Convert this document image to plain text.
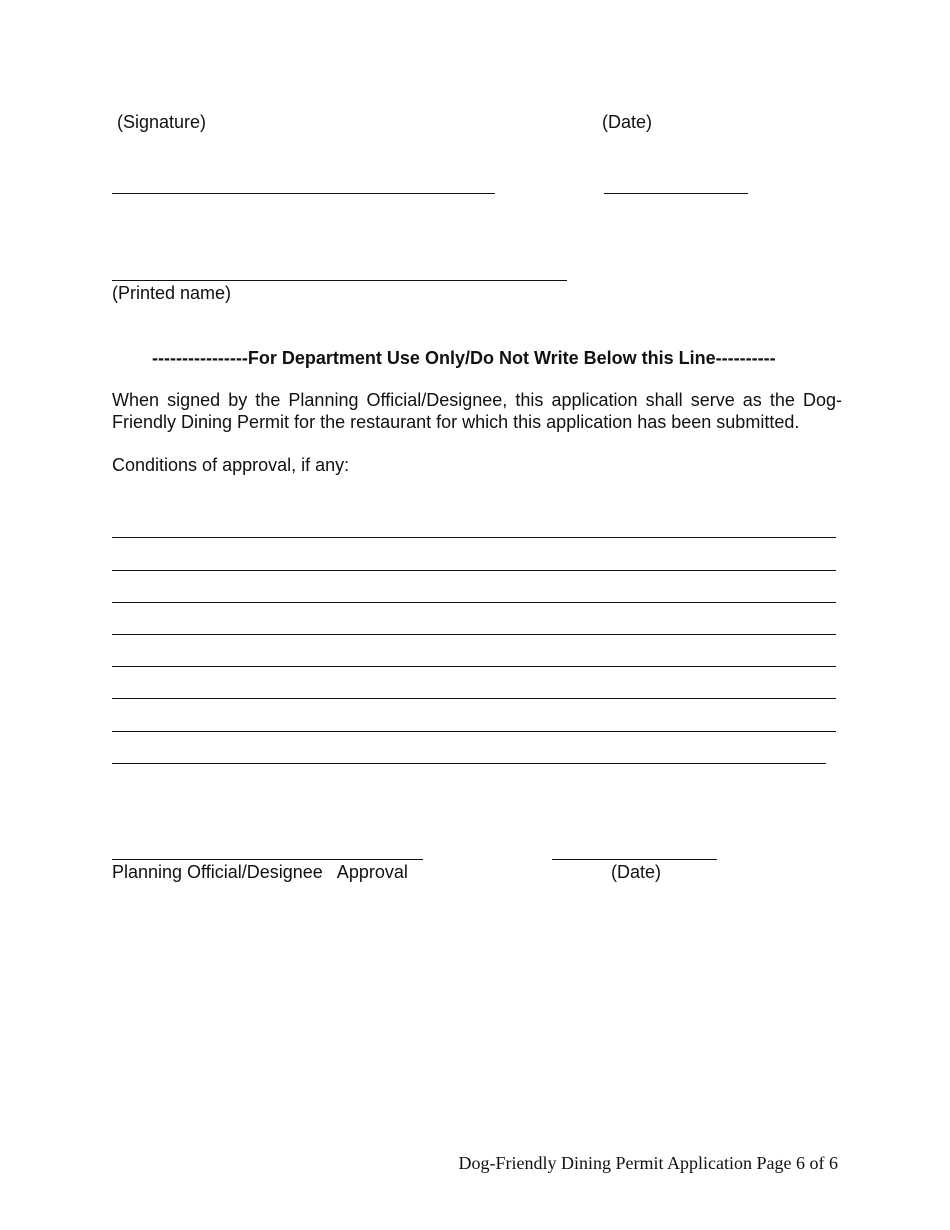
(Signature)	(Date)
(Printed name)
----------------For Department Use Only/Do Not Write Below this Line----------
When signed by the Planning Official/Designee, this application shall serve as the Dog-Friendly Dining Permit for the restaurant for which this application has been submitted.
Conditions of approval, if any:
Planning Official/Designee   Approval	(Date)
Dog-Friendly Dining Permit Application Page 6 of 6
